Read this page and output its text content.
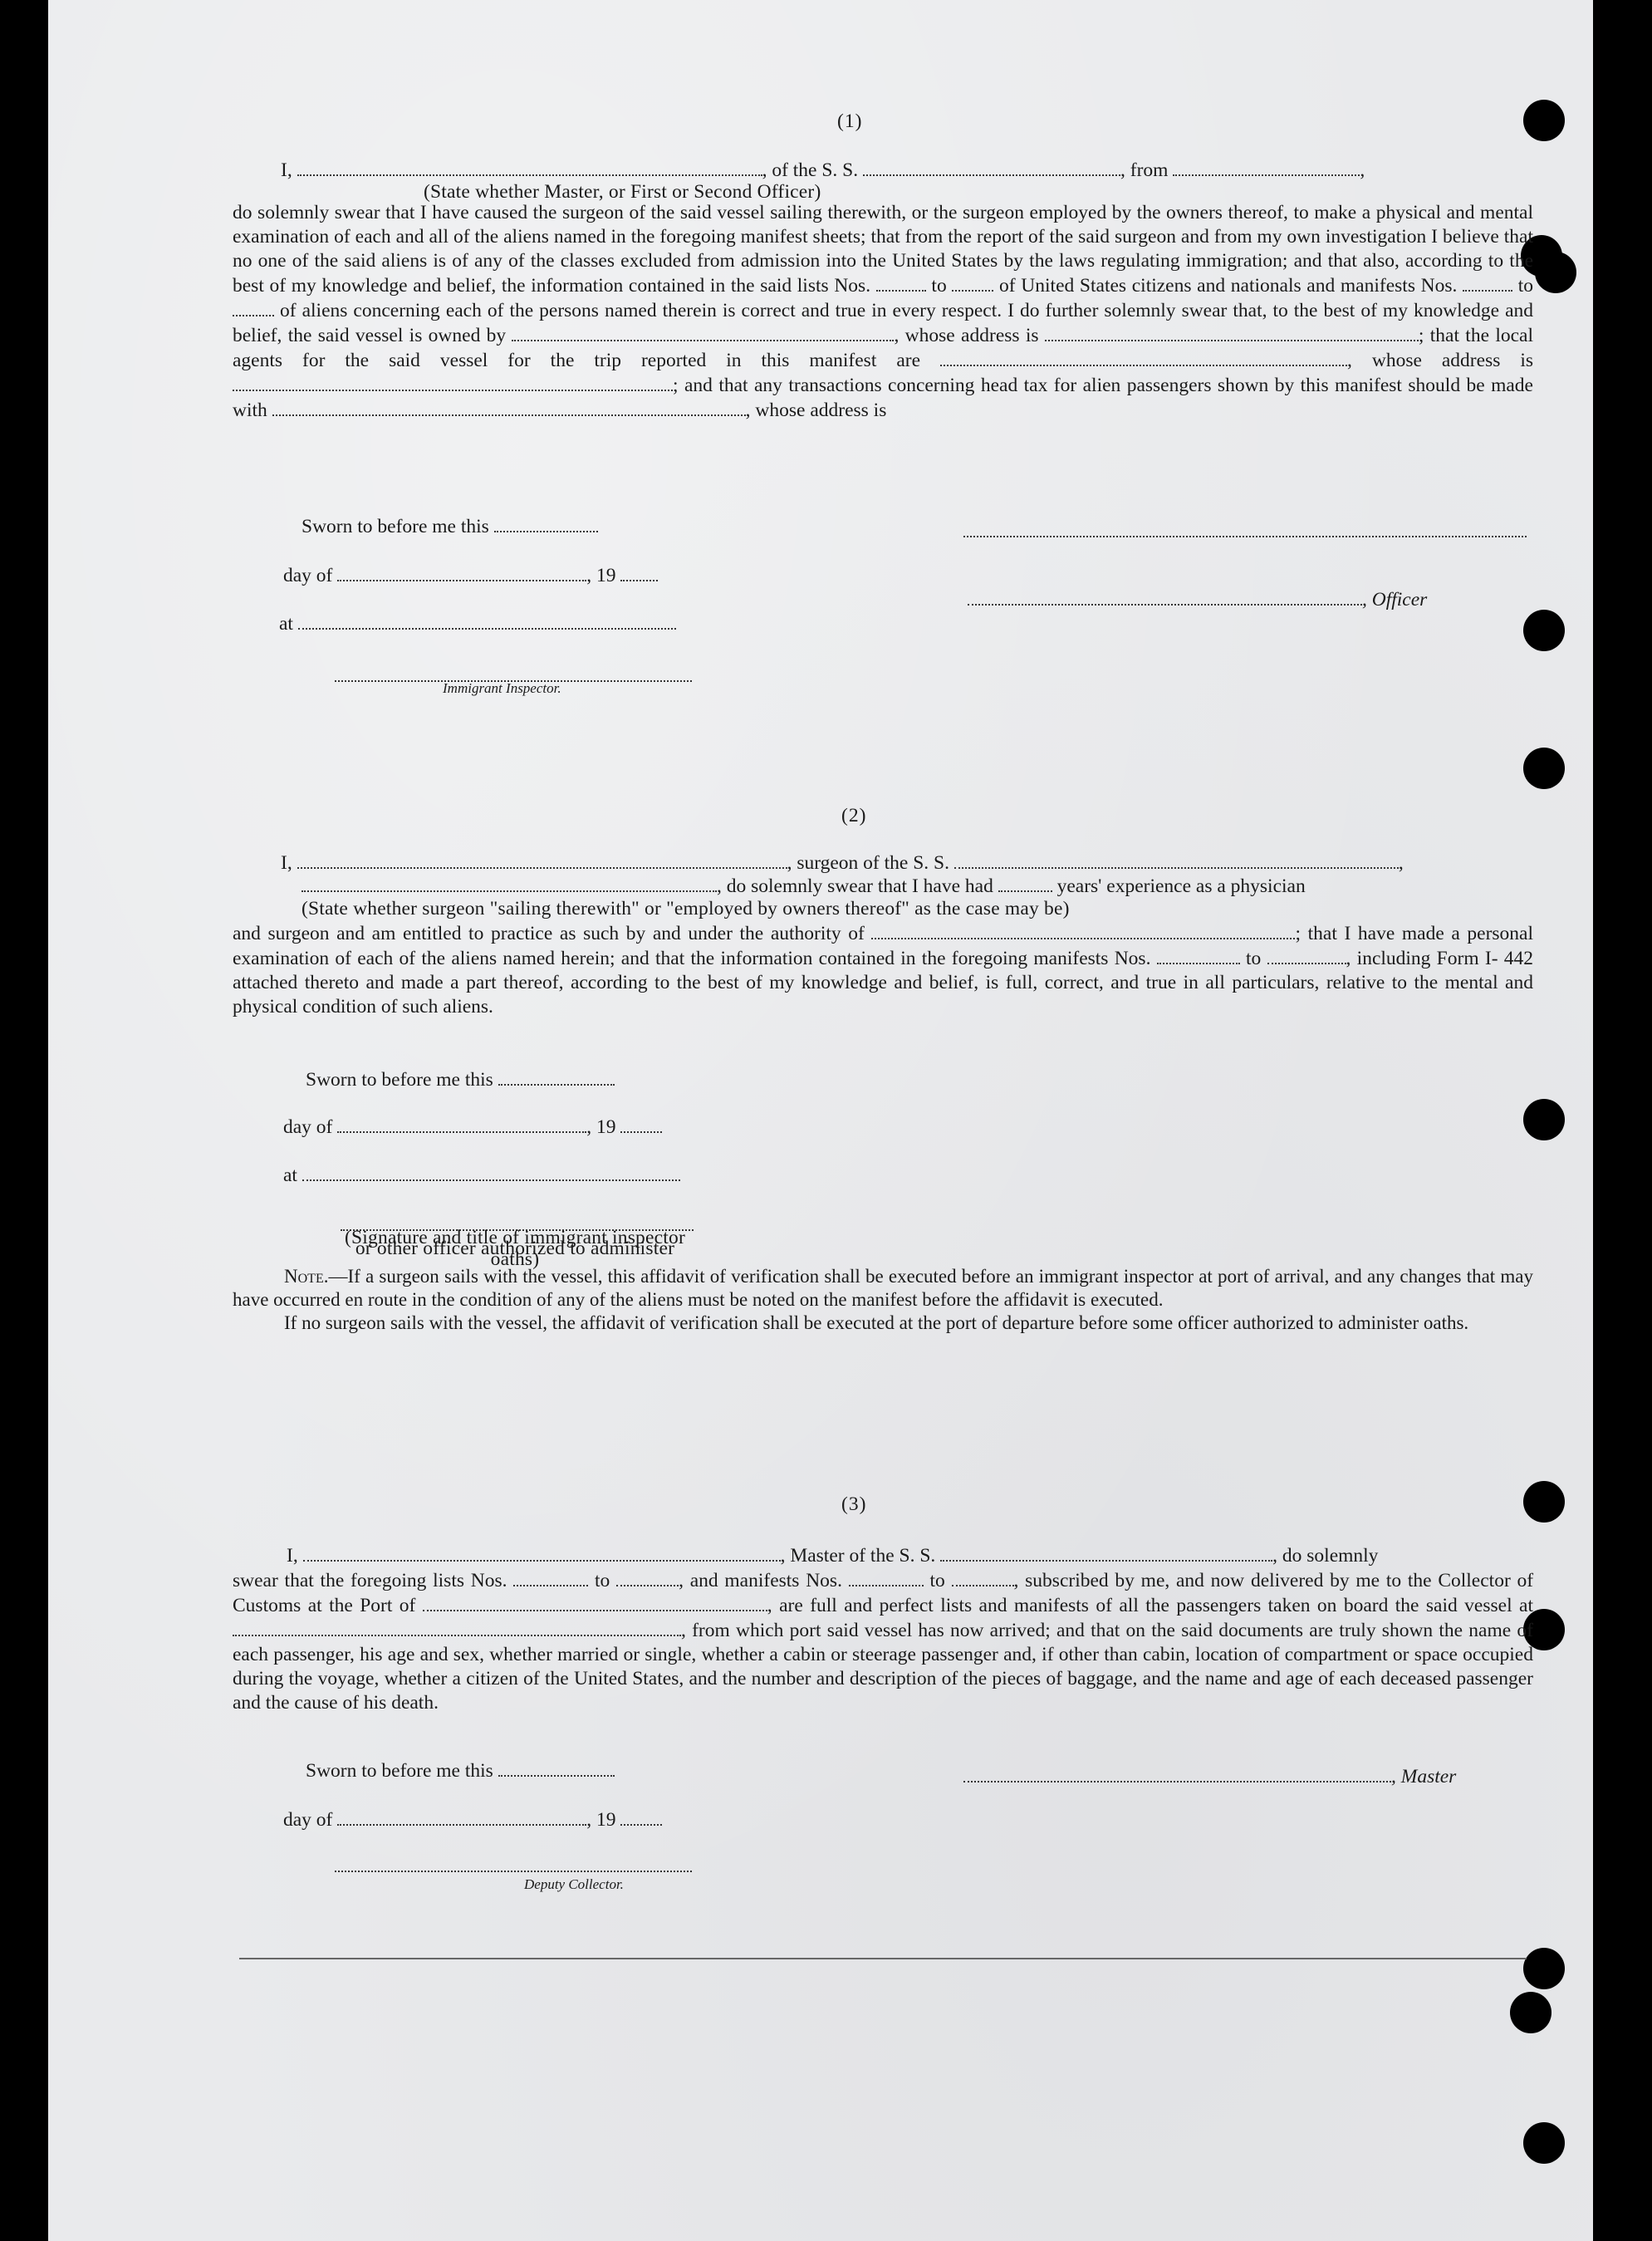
(1)
I,	, of the S. S.	, from	,
(State whether Master, or First or Second Officer)

do solemnly swear that I have caused the surgeon of the said vessel sailing therewith, or the surgeon employed by the owners thereof, to make a physical and mental examination of each and all of the aliens named in the foregoing manifest sheets; that from the report of the said surgeon and from my own investigation I believe that no one of the said aliens is of any of the classes excluded from admission into the United States by the laws regulating immigration; and that also, according to the best of my knowledge and belief, the information contained in the said lists Nos.	to	of United States citizens and nationals and manifests Nos.	to  of aliens concerning each of the persons named therein is correct and true in every respect. I do further solemnly swear that, to the best of my knowledge and belief, the said vessel is owned by	, whose address is	; that the local agents for the said vessel for the trip reported in this manifest are	, whose address is ; and that any transactions concerning head tax for alien passengers shown by this manifest should be made with	, whose address is

Sworn to before me this
day of	, 19
, Officer
at
Immigrant Inspector.
(2)
I,	, surgeon of the S. S.	,
, do solemnly swear that I have had	years' experience as a physician
(State whether surgeon "sailing therewith" or "employed by owners thereof" as the case may be)

and surgeon and am entitled to practice as such by and under the authority of	; that I have made a personal examination of each of the aliens named herein; and that the information contained in the foregoing manifests Nos.	to	, including Form I- 442 attached thereto and made a part thereof, according to the best of my knowledge and belief, is full, correct, and true in all particulars, relative to the mental and physical condition of such aliens.

Sworn to before me this
day of	, 19
at
(Signature and title of immigrant inspector or other officer authorized to administer oaths)

Note.—If a surgeon sails with the vessel, this affidavit of verification shall be executed before an immigrant inspector at port of arrival, and any changes that may have occurred en route in the condition of any of the aliens must be noted on the manifest before the affidavit is executed.

If no surgeon sails with the vessel, the affidavit of verification shall be executed at the port of departure before some officer authorized to administer oaths.

(3)
I,	, Master of the S. S.	, do solemnly

swear that the foregoing lists Nos.	to	, and manifests Nos.	to	, subscribed by me, and now delivered by me to the Collector of Customs at the Port of	, are full and perfect lists and manifests of all the passengers taken on board the said vessel at , from which port said vessel has now arrived; and that on the said documents are truly shown the name of each passenger, his age and sex, whether married or single, whether a cabin or steerage passenger and, if other than cabin, location of compartment or space occupied during the voyage, whether a citizen of the United States, and the number and description of the pieces of baggage, and the name and age of each deceased passenger and the cause of his death.

Sworn to before me this	, Master
day of	, 19
Deputy Collector.
